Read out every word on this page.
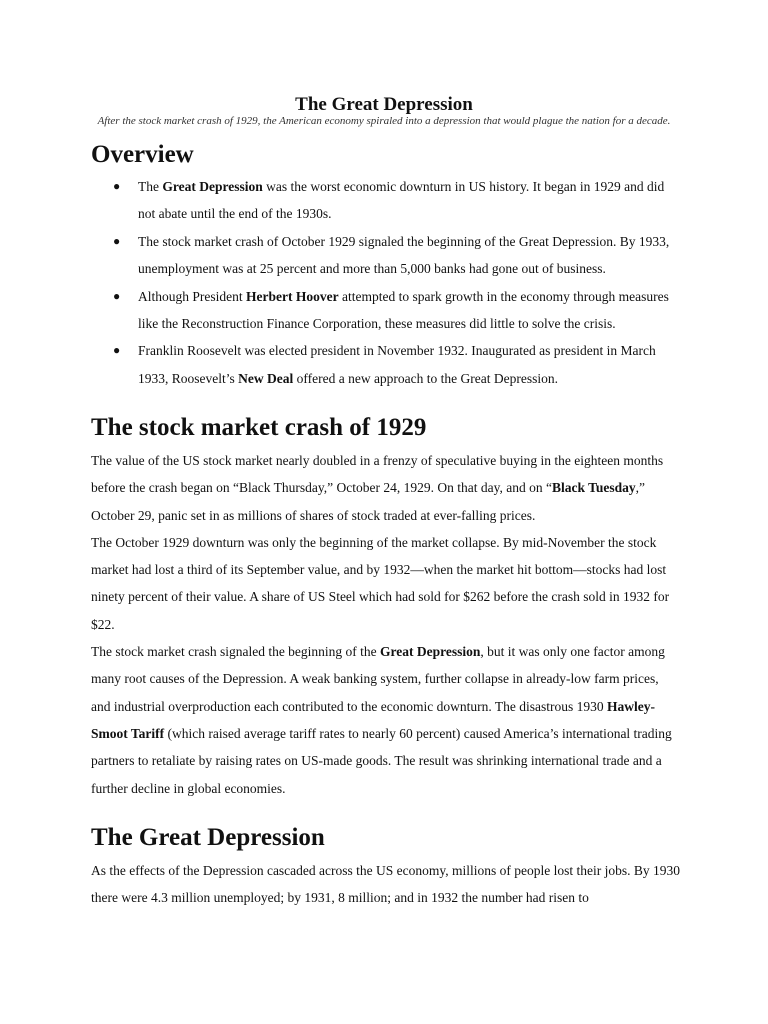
The Great Depression

After the stock market crash of 1929, the American economy spiraled into a depression that would plague the nation for a decade.

Overview
● The Great Depression was the worst economic downturn in US history. It began in 1929 and did not abate until the end of the 1930s.
● The stock market crash of October 1929 signaled the beginning of the Great Depression. By 1933, unemployment was at 25 percent and more than 5,000 banks had gone out of business.
● Although President Herbert Hoover attempted to spark growth in the economy through measures like the Reconstruction Finance Corporation, these measures did little to solve the crisis.
● Franklin Roosevelt was elected president in November 1932. Inaugurated as president in March 1933, Roosevelt’s New Deal offered a new approach to the Great Depression.
The stock market crash of 1929

The value of the US stock market nearly doubled in a frenzy of speculative buying in the eighteen months before the crash began on “Black Thursday,” October 24, 1929. On that day, and on “Black Tuesday,” October 29, panic set in as millions of shares of stock traded at ever-falling prices.

The October 1929 downturn was only the beginning of the market collapse. By mid-November the stock market had lost a third of its September value, and by 1932—when the market hit bottom—stocks had lost ninety percent of their value. A share of US Steel which had sold for $262 before the crash sold in 1932 for $22.

The stock market crash signaled the beginning of the Great Depression, but it was only one factor among many root causes of the Depression. A weak banking system, further collapse in already-low farm prices, and industrial overproduction each contributed to the economic downturn. The disastrous 1930 Hawley-Smoot Tariff (which raised average tariff rates to nearly 60 percent) caused America’s international trading partners to retaliate by raising rates on US-made goods. The result was shrinking international trade and a further decline in global economies.

The Great Depression

As the effects of the Depression cascaded across the US economy, millions of people lost their jobs. By 1930 there were 4.3 million unemployed; by 1931, 8 million; and in 1932 the number had risen to
